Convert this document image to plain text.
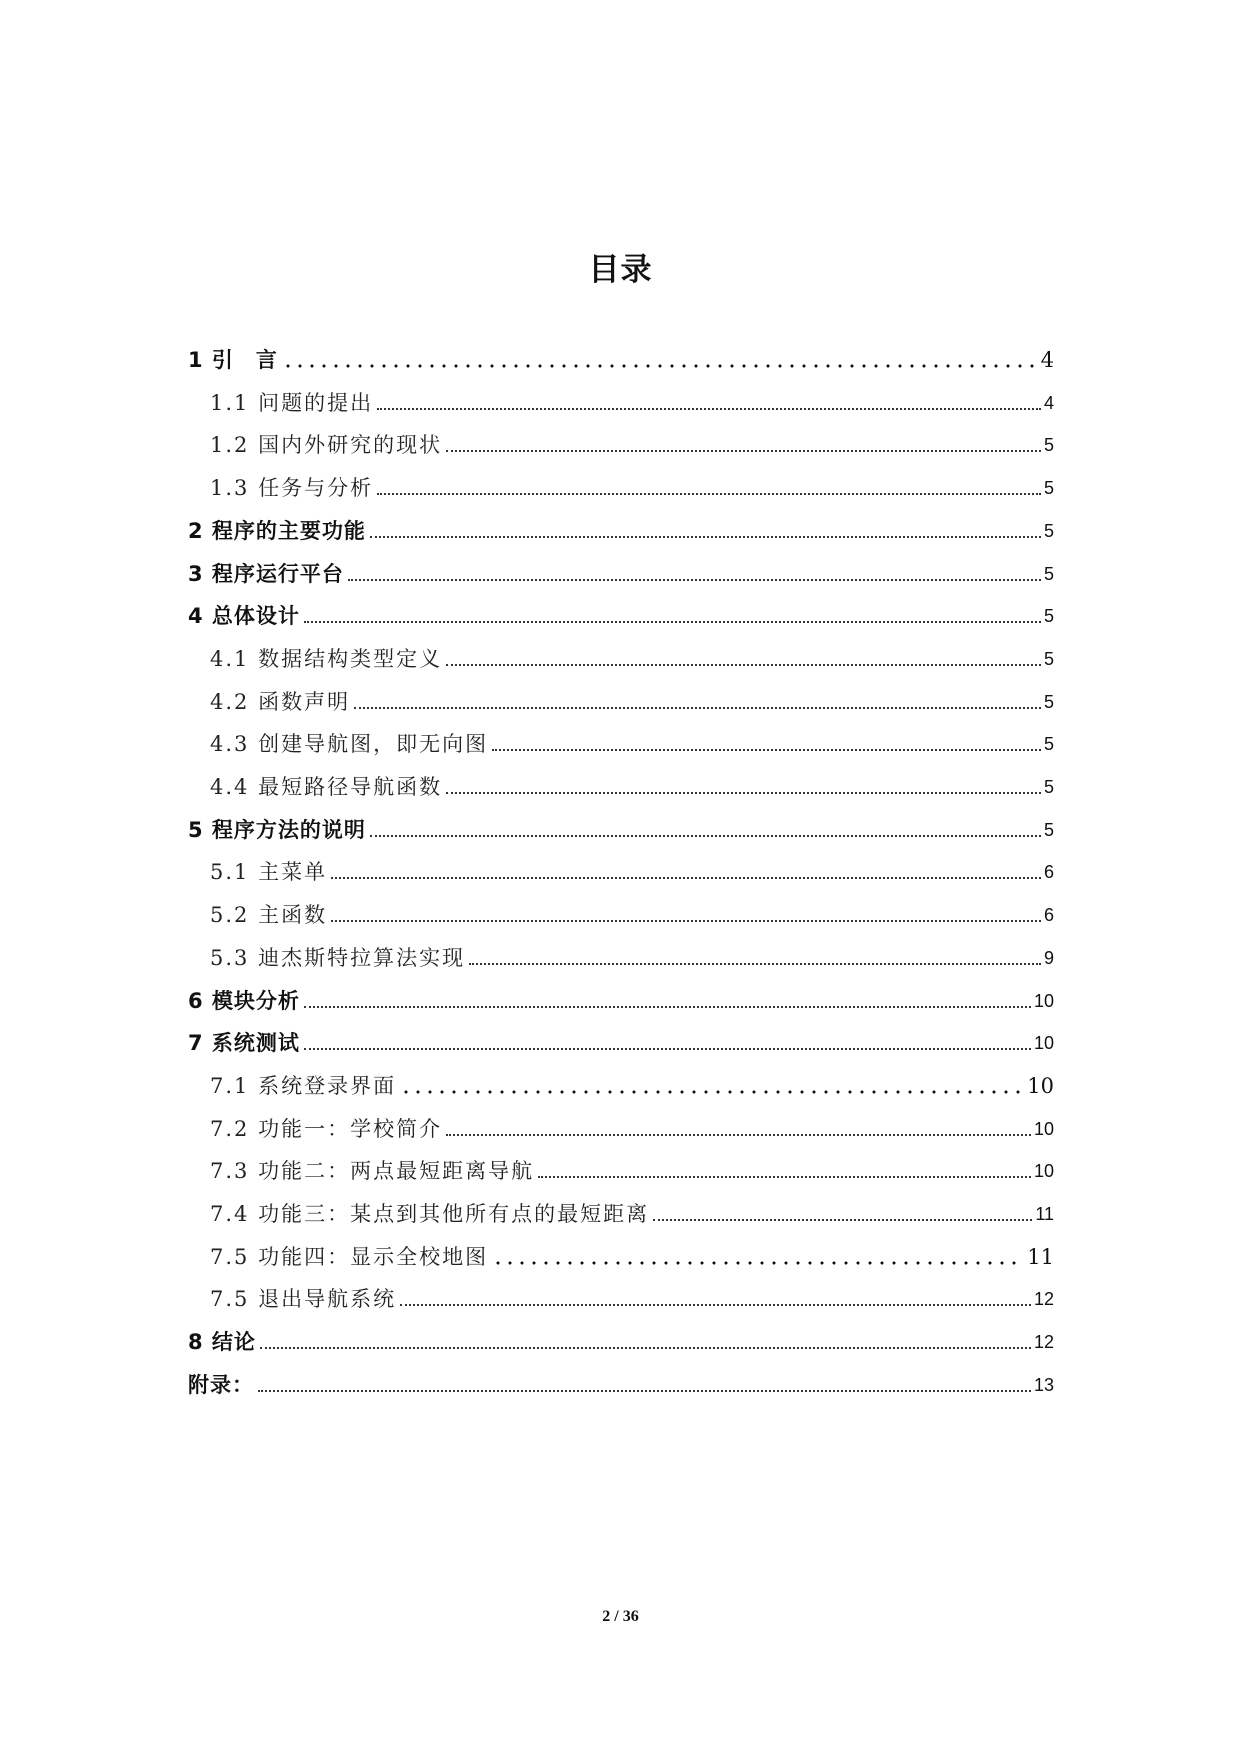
目录
1 引　言	4
1.1 问题的提出	4
1.2 国内外研究的现状	5
1.3 任务与分析	5
2 程序的主要功能	5
3 程序运行平台	5
4 总体设计	5
4.1 数据结构类型定义	5
4.2 函数声明	5
4.3 创建导航图，即无向图	5
4.4 最短路径导航函数	5
5 程序方法的说明	5
5.1 主菜单	6
5.2 主函数	6
5.3 迪杰斯特拉算法实现	9
6 模块分析	10
7 系统测试	10
7.1 系统登录界面	10
7.2 功能一：学校简介	10
7.3 功能二：两点最短距离导航	10
7.4 功能三：某点到其他所有点的最短距离	11
7.5 功能四：显示全校地图	11
7.5 退出导航系统	12
8 结论	12
附录：	13
2 / 36
